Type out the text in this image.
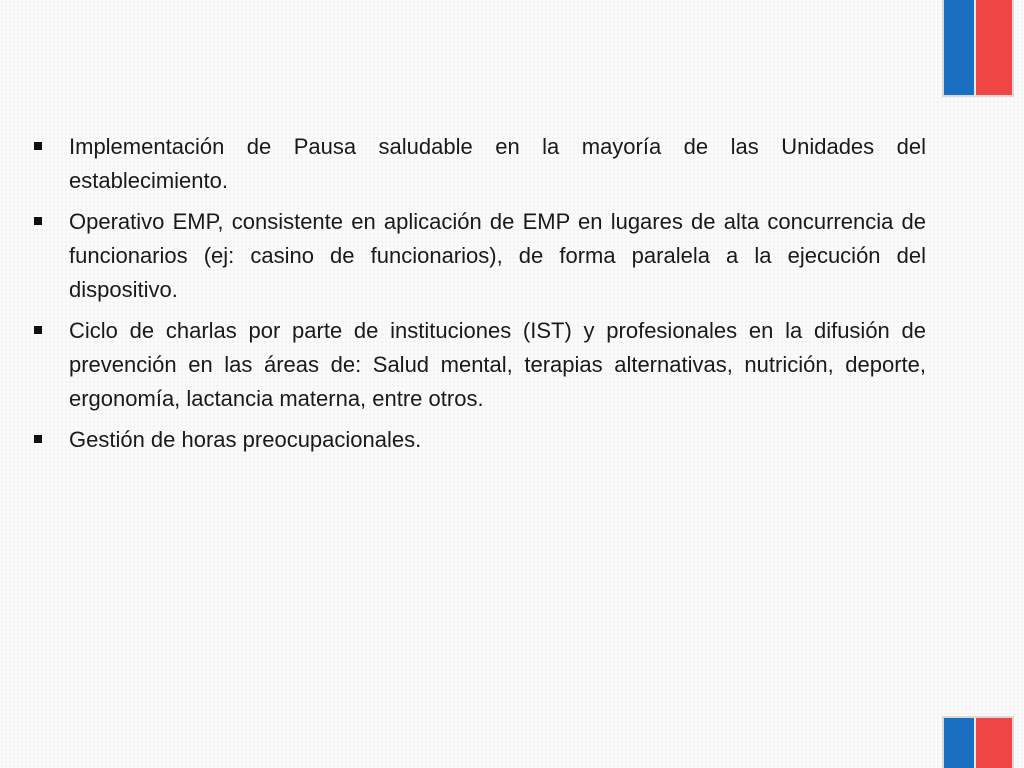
Implementación de Pausa saludable en la mayoría de las Unidades del establecimiento.
Operativo EMP, consistente en aplicación de EMP en lugares de alta concurrencia de funcionarios (ej: casino de funcionarios), de forma paralela a la ejecución del dispositivo.
Ciclo de charlas por parte de instituciones (IST) y profesionales en la difusión de prevención en las áreas de: Salud mental, terapias alternativas, nutrición, deporte, ergonomía, lactancia materna, entre otros.
Gestión de horas preocupacionales.
